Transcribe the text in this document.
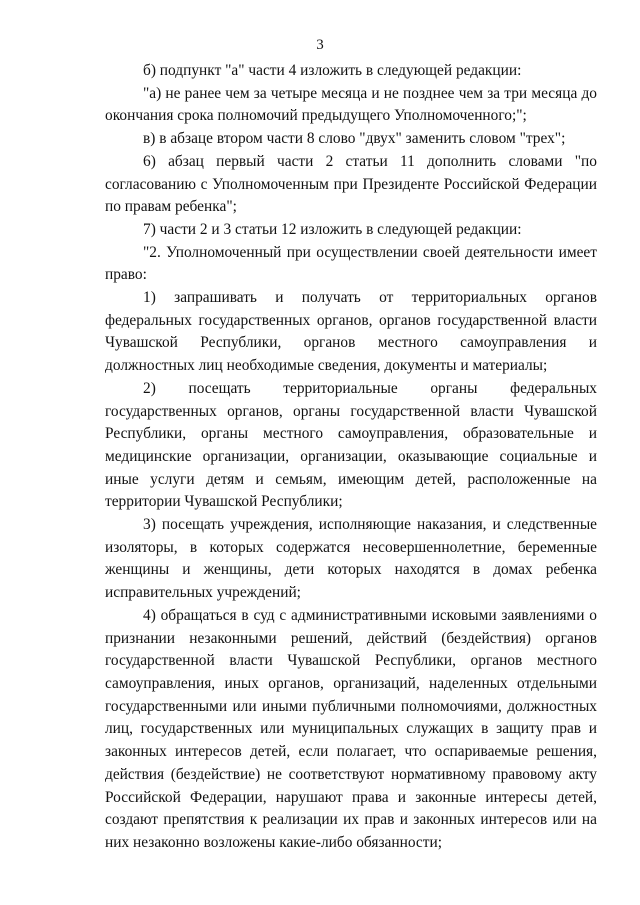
3

б) подпункт "а" части 4 изложить в следующей редакции:

"а) не ранее чем за четыре месяца и не позднее чем за три месяца до окончания срока полномочий предыдущего Уполномоченного;";

в) в абзаце втором части 8 слово "двух" заменить словом "трех";

6) абзац первый части 2 статьи 11 дополнить словами "по согласованию с Уполномоченным при Президенте Российской Федерации по правам ребенка";

7) части 2 и 3 статьи 12 изложить в следующей редакции:

"2. Уполномоченный при осуществлении своей деятельности имеет право:

1) запрашивать и получать от территориальных органов федеральных государственных органов, органов государственной власти Чувашской Республики, органов местного самоуправления и должностных лиц необходимые сведения, документы и материалы;

2) посещать территориальные органы федеральных государственных органов, органы государственной власти Чувашской Республики, органы местного самоуправления, образовательные и медицинские организации, организации, оказывающие социальные и иные услуги детям и семьям, имеющим детей, расположенные на территории Чувашской Республики;

3) посещать учреждения, исполняющие наказания, и следственные изоляторы, в которых содержатся несовершеннолетние, беременные женщины и женщины, дети которых находятся в домах ребенка исправительных учреждений;

4) обращаться в суд с административными исковыми заявлениями о признании незаконными решений, действий (бездействия) органов государственной власти Чувашской Республики, органов местного самоуправления, иных органов, организаций, наделенных отдельными государственными или иными публичными полномочиями, должностных лиц, государственных или муниципальных служащих в защиту прав и законных интересов детей, если полагает, что оспариваемые решения, действия (бездействие) не соответствуют нормативному правовому акту Российской Федерации, нарушают права и законные интересы детей, создают препятствия к реализации их прав и законных интересов или на них незаконно возложены какие-либо обязанности;
